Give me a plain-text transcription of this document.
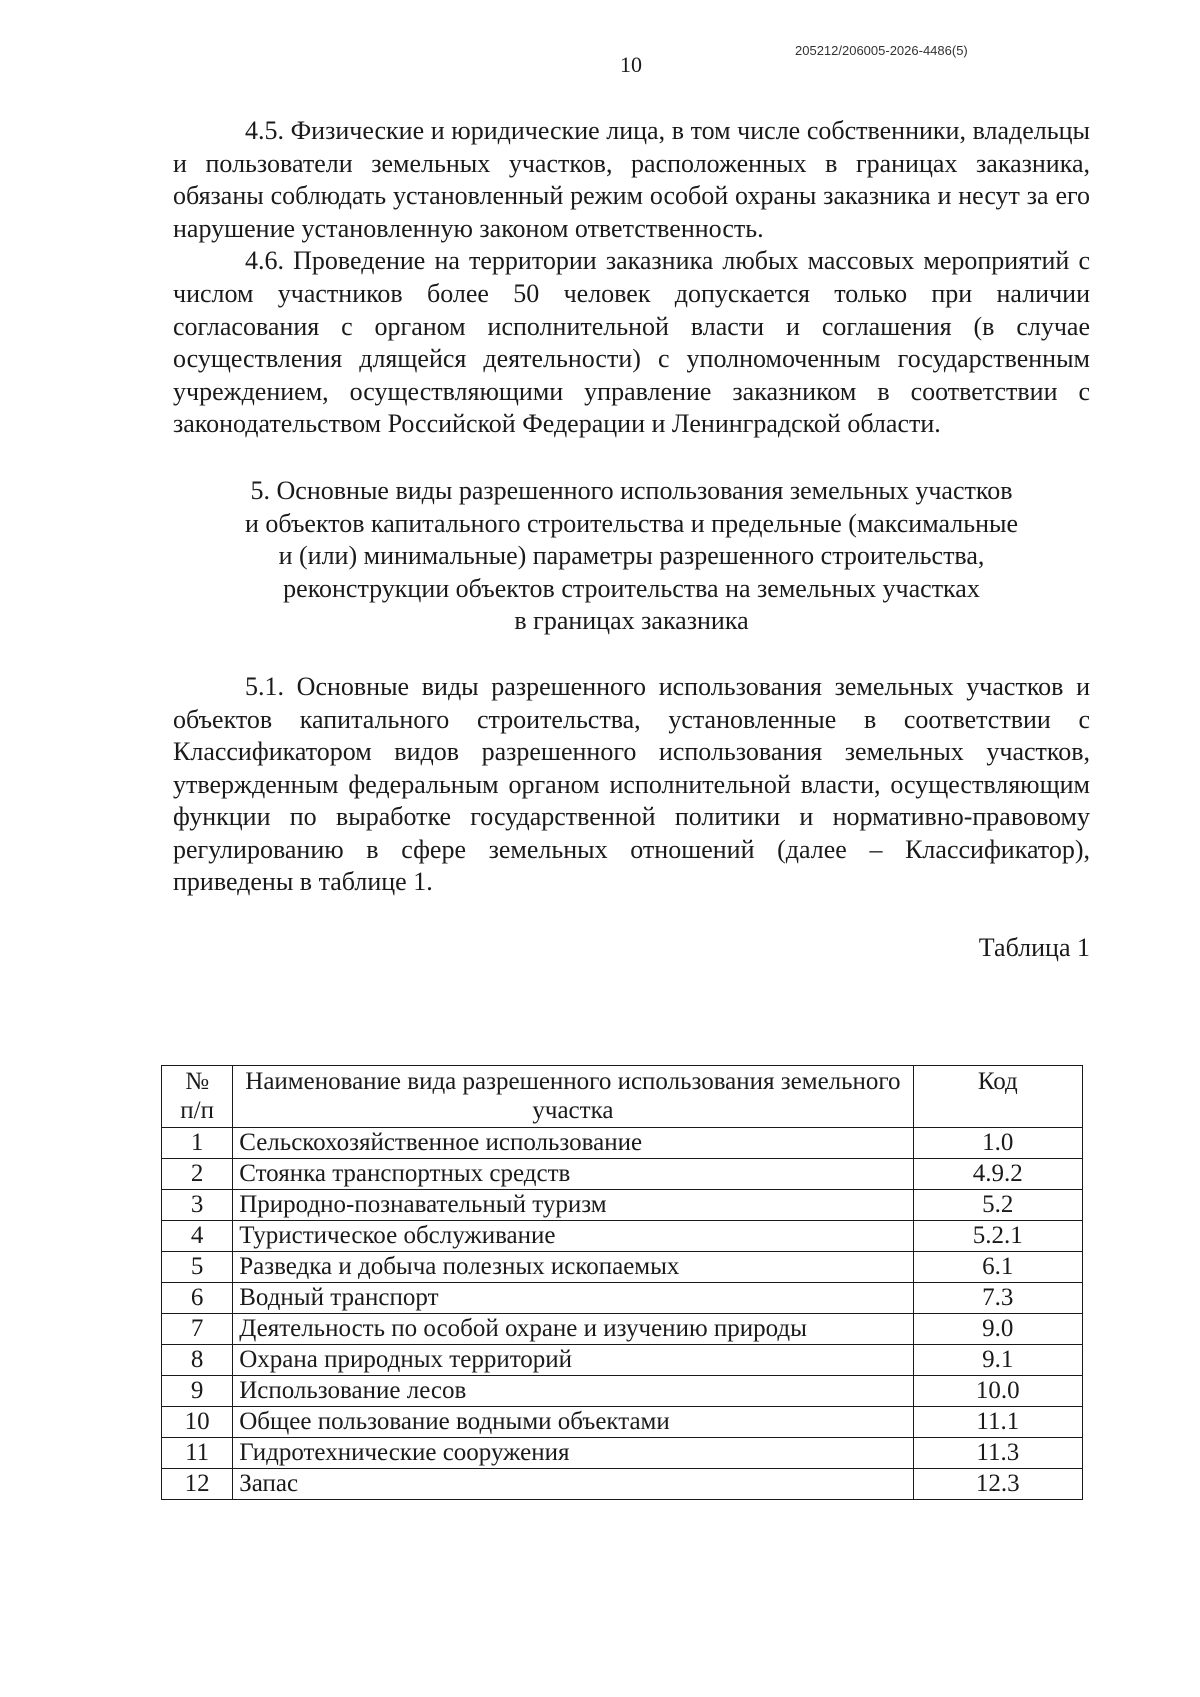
10
205212/206005-2026-4486(5)

4.5. Физические и юридические лица, в том числе собственники, владельцы и пользователи земельных участков, расположенных в границах заказника, обязаны соблюдать установленный режим особой охраны заказника и несут за его нарушение установленную законом ответственность.

4.6. Проведение на территории заказника любых массовых мероприятий с числом участников более 50 человек допускается только при наличии согласования с органом исполнительной власти и соглашения (в случае осуществления длящейся деятельности) с уполномоченным государственным учреждением, осуществляющими управление заказником в соответствии с законодательством Российской Федерации и Ленинградской области.

5. Основные виды разрешенного использования земельных участков
и объектов капитального строительства и предельные (максимальные
и (или) минимальные) параметры разрешенного строительства,
реконструкции объектов строительства на земельных участках
в границах заказника

5.1. Основные виды разрешенного использования земельных участков и объектов капитального строительства, установленные в соответствии с Классификатором видов разрешенного использования земельных участков, утвержденным федеральным органом исполнительной власти, осуществляющим функции по выработке государственной политики и нормативно-правовому регулированию в сфере земельных отношений (далее – Классификатор), приведены в таблице 1.

Таблица 1
№
п/п	Наименование вида разрешенного использования земельного участка	Код
1	Сельскохозяйственное использование	1.0
2	Стоянка транспортных средств	4.9.2
3	Природно-познавательный туризм	5.2
4	Туристическое обслуживание	5.2.1
5	Разведка и добыча полезных ископаемых	6.1
6	Водный транспорт	7.3
7	Деятельность по особой охране и изучению природы	9.0
8	Охрана природных территорий	9.1
9	Использование лесов	10.0
10	Общее пользование водными объектами	11.1
11	Гидротехнические сооружения	11.3
12	Запас	12.3
